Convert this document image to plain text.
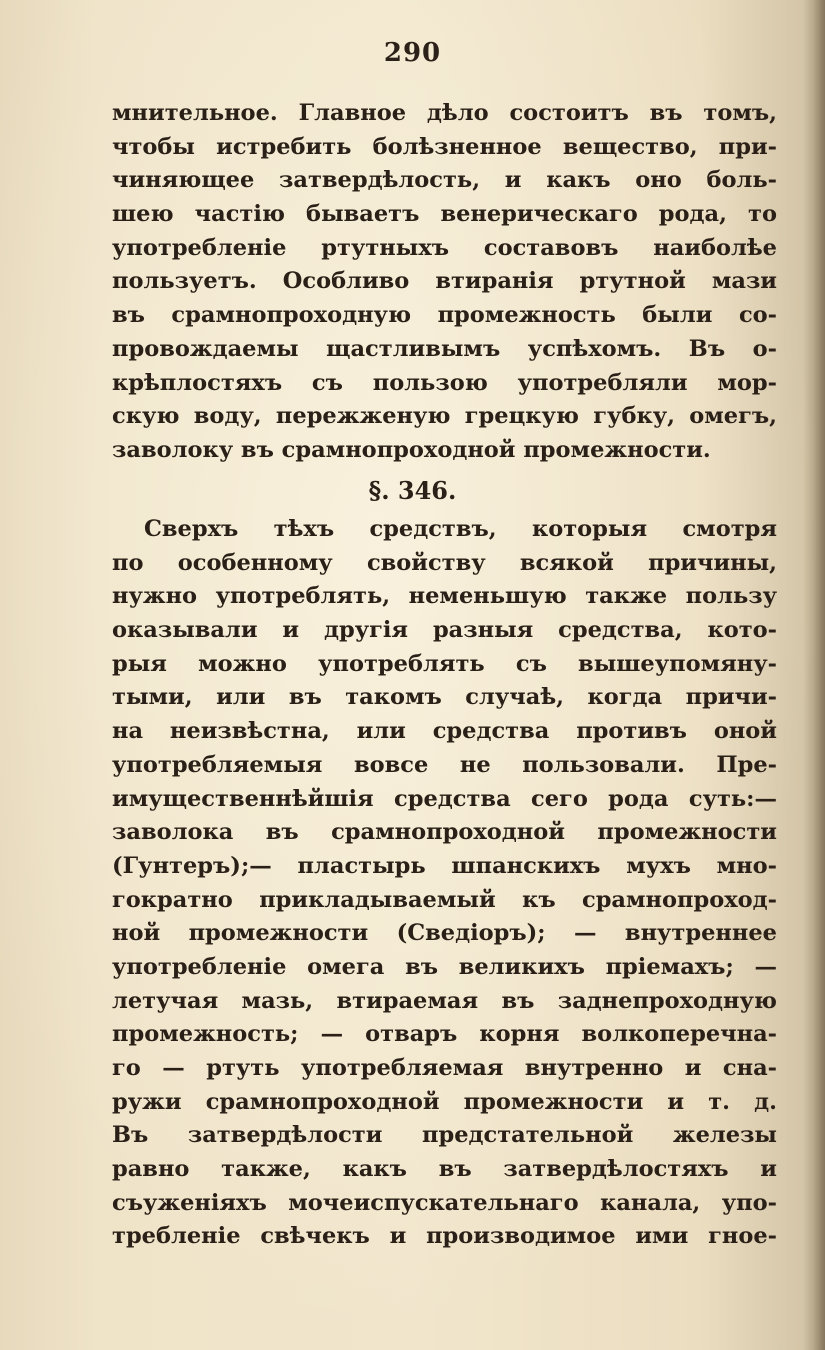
290
мнительное. Главное дѣло состоитъ въ томъ,
чтобы истребить болѣзненное вещество, при-
чиняющее затвердѣлость, и какъ оно боль-
шею частію бываетъ венерическаго рода, то
употребленіе ртутныхъ составовъ наиболѣе
пользуетъ. Особливо втиранія ртутной мази
въ срамнопроходную промежность были со-
провождаемы щастливымъ успѣхомъ. Въ о-
крѣплостяхъ съ пользою употребляли мор-
скую воду, пережженую грецкую губку, омегъ,
заволоку въ срамнопроходной промежности.
§. 346.
Сверхъ тѣхъ средствъ, которыя смотря
по особенному свойству всякой причины,
нужно употреблять, неменьшую также пользу
оказывали и другія разныя средства, кото-
рыя можно употреблять съ вышеупомяну-
тыми, или въ такомъ случаѣ, когда причи-
на неизвѣстна, или средства противъ оной
употребляемыя вовсе не пользовали. Пре-
имущественнѣйшія средства сего рода суть:—
заволока въ срамнопроходной промежности
(Гунтеръ);— пластырь шпанскихъ мухъ мно-
гократно прикладываемый къ срамнопроход-
ной промежности (Сведіоръ); — внутреннее
употребленіе омега въ великихъ пріемахъ; —
летучая мазь, втираемая въ заднепроходную
промежность; — отваръ корня волкоперечна-
го — ртуть употребляемая внутренно и сна-
ружи срамнопроходной промежности и т. д.
Въ затвердѣлости предстательной железы
равно также, какъ въ затвердѣлостяхъ и
съуженіяхъ мочеиспускательнаго канала, упо-
требленіе свѣчекъ и производимое ими гное-
